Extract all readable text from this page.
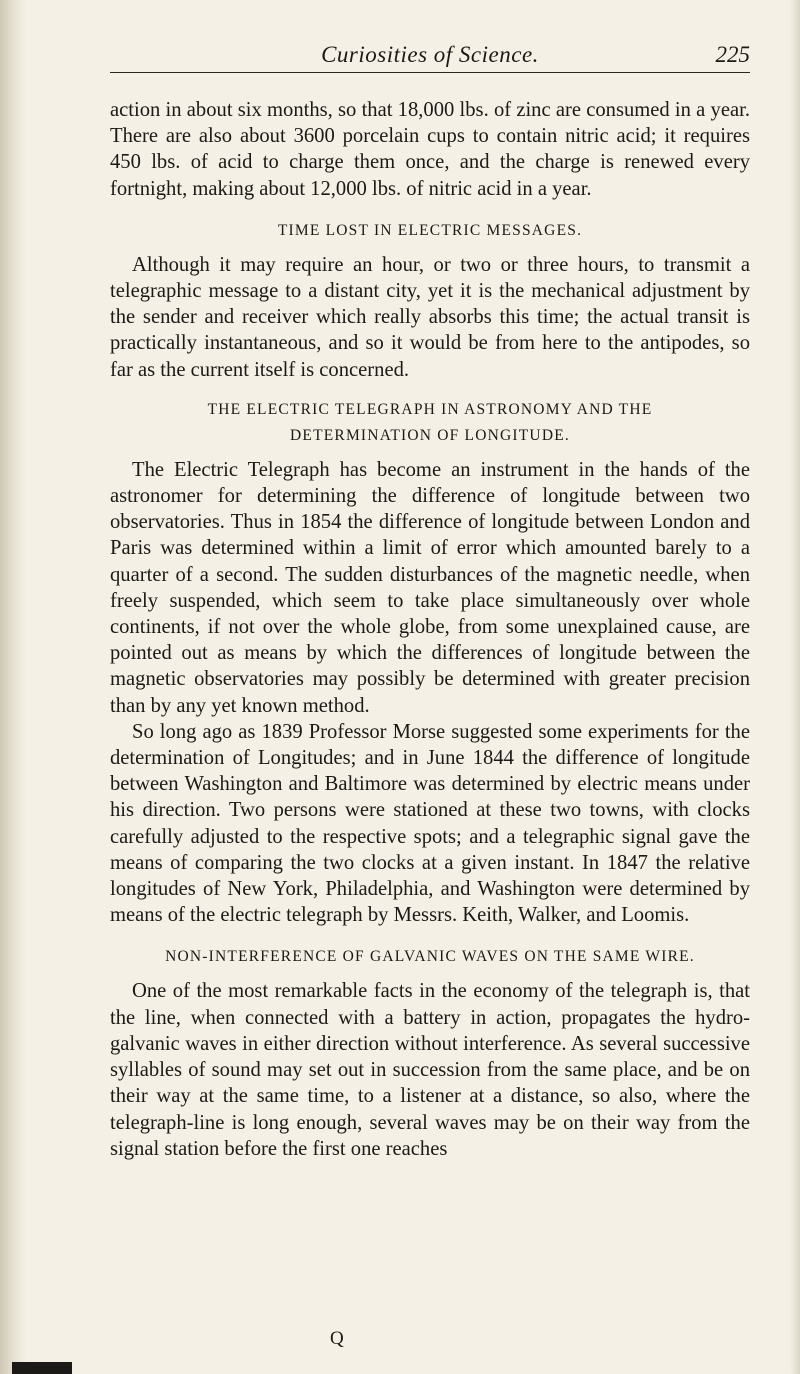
Curiosities of Science.	225

action in about six months, so that 18,000 lbs. of zinc are consumed in a year. There are also about 3600 porcelain cups to contain nitric acid; it requires 450 lbs. of acid to charge them once, and the charge is renewed every fortnight, making about 12,000 lbs. of nitric acid in a year.

TIME LOST IN ELECTRIC MESSAGES.

Although it may require an hour, or two or three hours, to transmit a telegraphic message to a distant city, yet it is the mechanical adjustment by the sender and receiver which really absorbs this time; the actual transit is practically instantaneous, and so it would be from here to the antipodes, so far as the current itself is concerned.

THE ELECTRIC TELEGRAPH IN ASTRONOMY AND THE
DETERMINATION OF LONGITUDE.

The Electric Telegraph has become an instrument in the hands of the astronomer for determining the difference of longitude between two observatories. Thus in 1854 the difference of longitude between London and Paris was determined within a limit of error which amounted barely to a quarter of a second. The sudden disturbances of the magnetic needle, when freely suspended, which seem to take place simultaneously over whole continents, if not over the whole globe, from some unexplained cause, are pointed out as means by which the differences of longitude between the magnetic observatories may possibly be determined with greater precision than by any yet known method.

So long ago as 1839 Professor Morse suggested some experiments for the determination of Longitudes; and in June 1844 the difference of longitude between Washington and Baltimore was determined by electric means under his direction. Two persons were stationed at these two towns, with clocks carefully adjusted to the respective spots; and a telegraphic signal gave the means of comparing the two clocks at a given instant. In 1847 the relative longitudes of New York, Philadelphia, and Washington were determined by means of the electric telegraph by Messrs. Keith, Walker, and Loomis.

NON-INTERFERENCE OF GALVANIC WAVES ON THE SAME WIRE.

One of the most remarkable facts in the economy of the telegraph is, that the line, when connected with a battery in action, propagates the hydro-galvanic waves in either direction without interference. As several successive syllables of sound may set out in succession from the same place, and be on their way at the same time, to a listener at a distance, so also, where the telegraph-line is long enough, several waves may be on their way from the signal station before the first one reaches

Q
